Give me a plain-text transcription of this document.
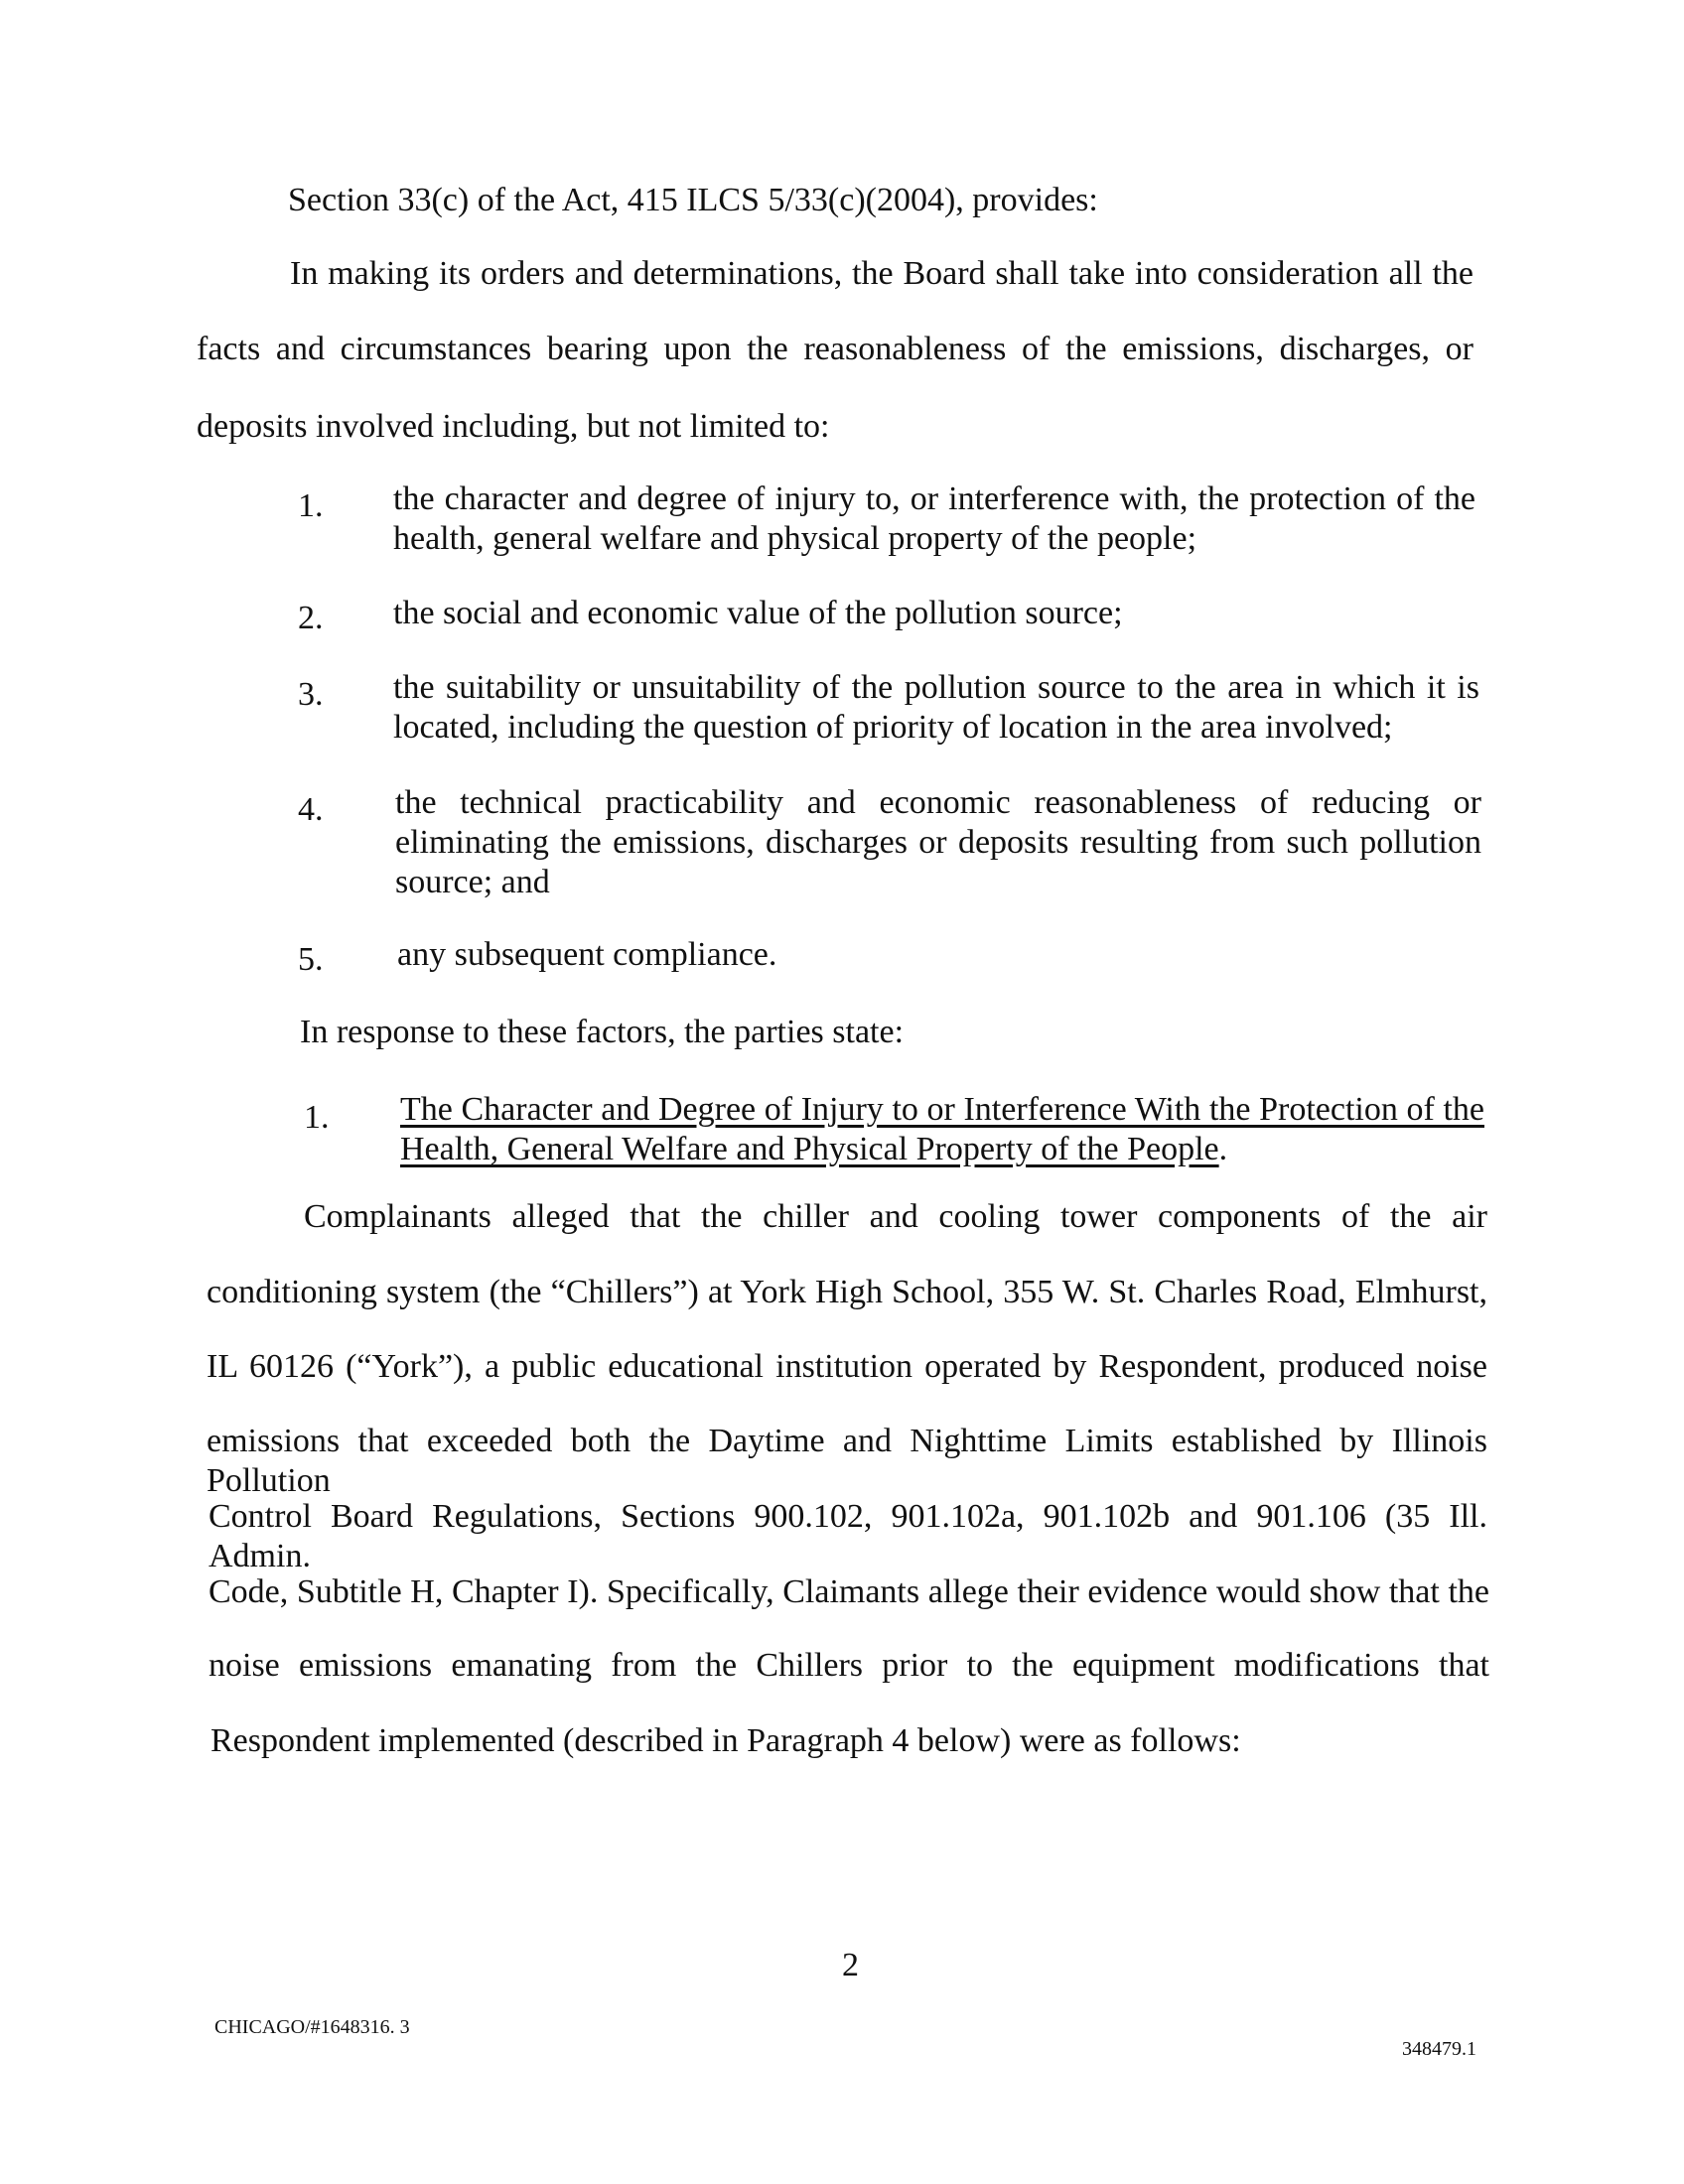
Section 33(c) of the Act, 415 ILCS 5/33(c)(2004), provides:
In making its orders and determinations, the Board shall take into consideration all the
facts and circumstances bearing upon the reasonableness of the emissions, discharges, or
deposits involved including, but not limited to:
1. the character and degree of injury to, or interference with, the protection of the
health, general welfare and physical property of the people;
2. the social and economic value of the pollution source;
3. the suitability or unsuitability of the pollution source to the area in which it is
located, including the question of priority of location in the area involved;
4. the technical practicability and economic reasonableness of reducing or
eliminating the emissions, discharges or deposits resulting from such pollution
source; and
5. any subsequent compliance.
In response to these factors, the parties state:
1. The Character and Degree of Injury to or Interference With the Protection of the
Health, General Welfare and Physical Property of the People.
Complainants alleged that the chiller and cooling tower components of the air
conditioning system (the “Chillers”) at York High School, 355 W. St. Charles Road, Elmhurst,
IL 60126 (“York”), a public educational institution operated by Respondent, produced noise
emissions that exceeded both the Daytime and Nighttime Limits established by Illinois Pollution
Control Board Regulations, Sections 900.102, 901.102a, 901.102b and 901.106 (35 Ill. Admin.
Code, Subtitle H, Chapter I). Specifically, Claimants allege their evidence would show that the
noise emissions emanating from the Chillers prior to the equipment modifications that
Respondent implemented (described in Paragraph 4 below) were as follows:
2
CHICAGO/#1648316. 3
348479.1
